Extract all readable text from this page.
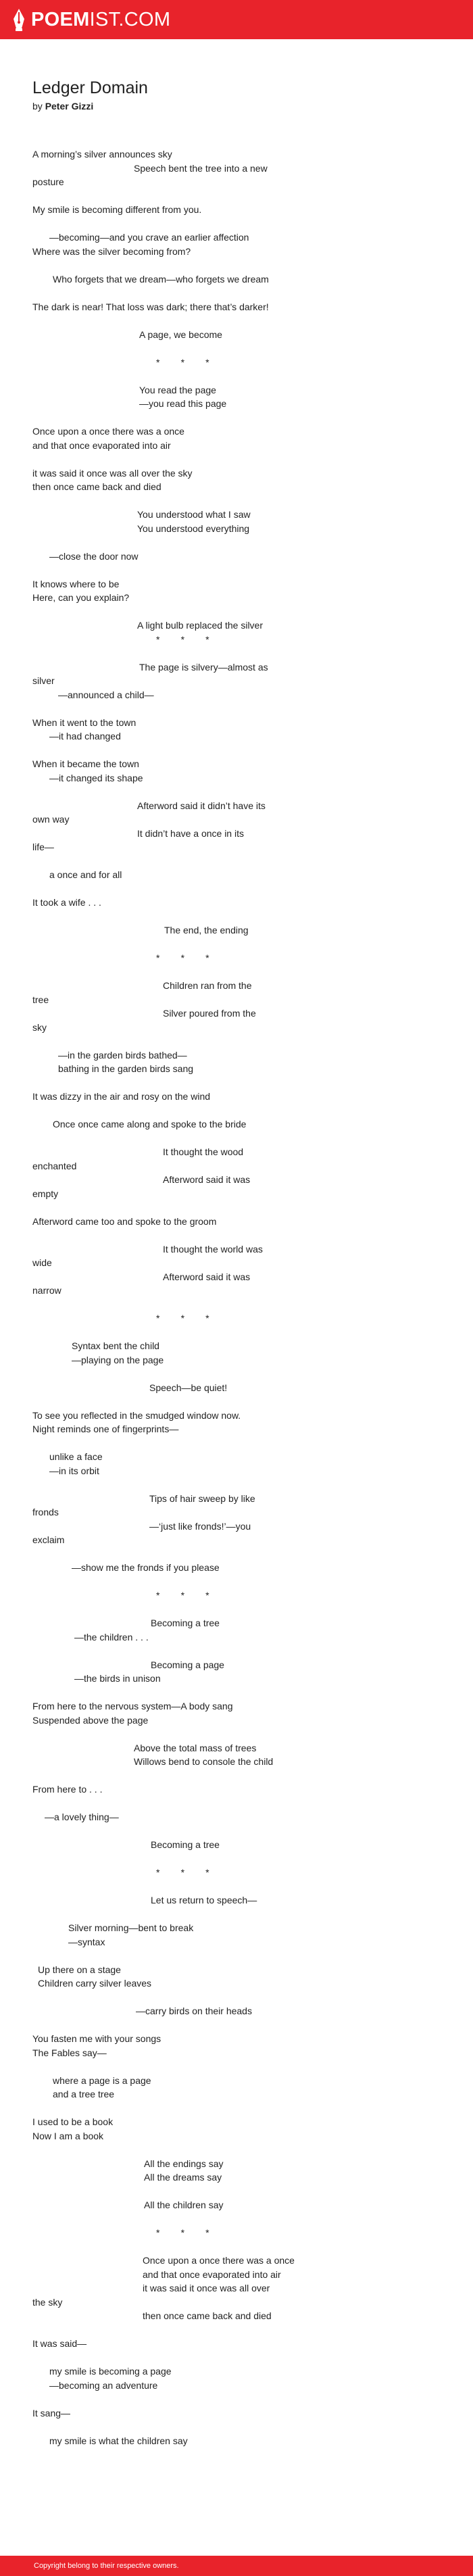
POEMIST.COM
Ledger Domain
by Peter Gizzi
A morning’s silver announces sky
Speech bent the tree into a new
posture
My smile is becoming different from you.
—becoming—and you crave an earlier affection
Where was the silver becoming from?
Who forgets that we dream—who forgets we dream
The dark is near! That loss was dark; there that’s darker!
A page, we become
*        *        *
You read the page
—you read this page
Once upon a once there was a once
and that once evaporated into air
it was said it once was all over the sky
then once came back and died
You understood what I saw
You understood everything
—close the door now
It knows where to be
Here, can you explain?
A light bulb replaced the silver
*        *        *
The page is silvery—almost as
silver
—announced a child—
When it went to the town
—it had changed
When it became the town
—it changed its shape
Afterword said it didn’t have its
own way
It didn’t have a once in its
life—
a once and for all
It took a wife . . .
The end, the ending
*        *        *
Children ran from the
tree
Silver poured from the
sky
—in the garden birds bathed—
bathing in the garden birds sang
It was dizzy in the air and rosy on the wind
Once once came along and spoke to the bride
It thought the wood
enchanted
Afterword said it was
empty
Afterword came too and spoke to the groom
It thought the world was
wide
Afterword said it was
narrow
*        *        *
Syntax bent the child
—playing on the page
Speech—be quiet!
To see you reflected in the smudged window now.
Night reminds one of fingerprints—
unlike a face
—in its orbit
Tips of hair sweep by like
fronds
—‘just like fronds!’—you
exclaim
—show me the fronds if you please
*        *        *
Becoming a tree
—the children . . .
Becoming a page
—the birds in unison
From here to the nervous system—A body sang
Suspended above the page
Above the total mass of trees
Willows bend to console the child
From here to . . .
—a lovely thing—
Becoming a tree
*        *        *
Let us return to speech—
Silver morning—bent to break
—syntax
Up there on a stage
Children carry silver leaves
—carry birds on their heads
You fasten me with your songs
The Fables say—
where a page is a page
and a tree tree
I used to be a book
Now I am a book
All the endings say
All the dreams say
All the children say
*        *        *
Once upon a once there was a once
and that once evaporated into air
it was said it once was all over
the sky
then once came back and died
It was said—
my smile is becoming a page
—becoming an adventure
It sang—
my smile is what the children say
Copyright belong to their respective owners.
